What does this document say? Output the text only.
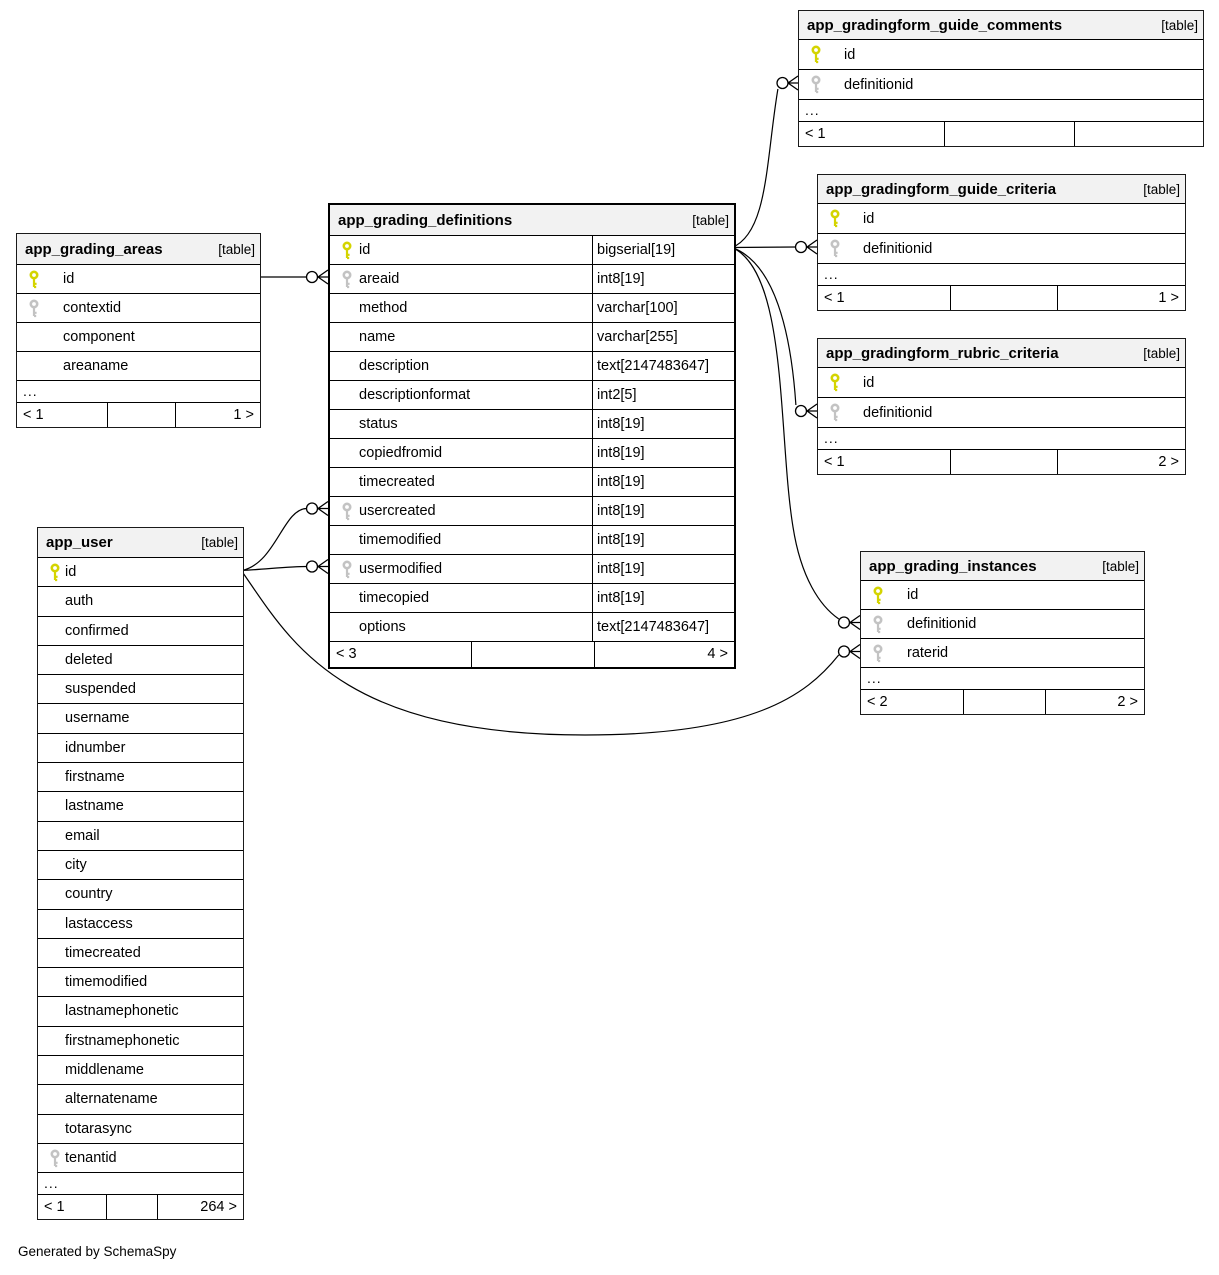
app_gradingform_guide_comments	[table]
id
definitionid
...
< 1
app_gradingform_guide_criteria	[table]
id
definitionid
...
< 1	1 >
app_gradingform_rubric_criteria	[table]
id
definitionid
...
< 1	2 >
app_grading_definitions	[table]
id	bigserial[19]
areaid	int8[19]
method	varchar[100]
name	varchar[255]
description	text[2147483647]
descriptionformat	int2[5]
status	int8[19]
copiedfromid	int8[19]
timecreated	int8[19]
usercreated	int8[19]
timemodified	int8[19]
usermodified	int8[19]
timecopied	int8[19]
options	text[2147483647]
< 3	4 >
app_grading_areas	[table]
id
contextid
component
areaname
...
< 1	1 >
app_grading_instances	[table]
id
definitionid
raterid
...
< 2	2 >
app_user	[table]
id
auth
confirmed
deleted
suspended
username
idnumber
firstname
lastname
email
city
country
lastaccess
timecreated
timemodified
lastnamephonetic
firstnamephonetic
middlename
alternatename
totarasync
tenantid
...
< 1	264 >
Generated by SchemaSpy
